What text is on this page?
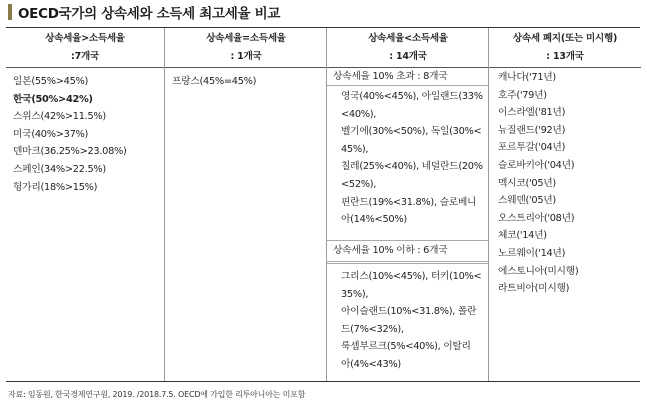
OECD국가의 상속세와 소득세 최고세율 비교
상속세율>소득세율
:7개국
일본(55%>45%)
한국(50%>42%)
스위스(42%>11.5%)
미국(40%>37%)
덴마크(36.25%>23.08%)
스페인(34%>22.5%)
헝가리(18%>15%)
상속세율=소득세율
: 1개국
프랑스(45%=45%)
상속세율<소득세율
: 14개국
상속세율 10% 초과 : 8개국
영국(40%<45%), 아일랜드(33%
<40%),
벨기에(30%<50%), 독일(30%<
45%),
칠레(25%<40%), 네덜란드(20%
<52%),
핀란드(19%<31.8%), 슬로베니
아(14%<50%)
상속세율 10% 이하 : 6개국
그리스(10%<45%), 터키(10%<
35%),
아이슬랜드(10%<31.8%), 폴란
드(7%<32%),
룩셈부르크(5%<40%), 이탈리
아(4%<43%)
상속세 폐지(또는 미시행)
: 13개국
캐나다('71년)
호주('79년)
이스라엘('81년)
뉴질랜드('92년)
포르투갈('04년)
슬로바키아('04년)
멕시코('05년)
스웨덴('05년)
오스트리아('08년)
체코('14년)
노르웨이('14년)
에스토니아(미시행)
라트비아(미시행)
자료: 임동원, 한국경제연구원, 2019. /2018.7.5. OECD에 가입한 리투아니아는 미포함
